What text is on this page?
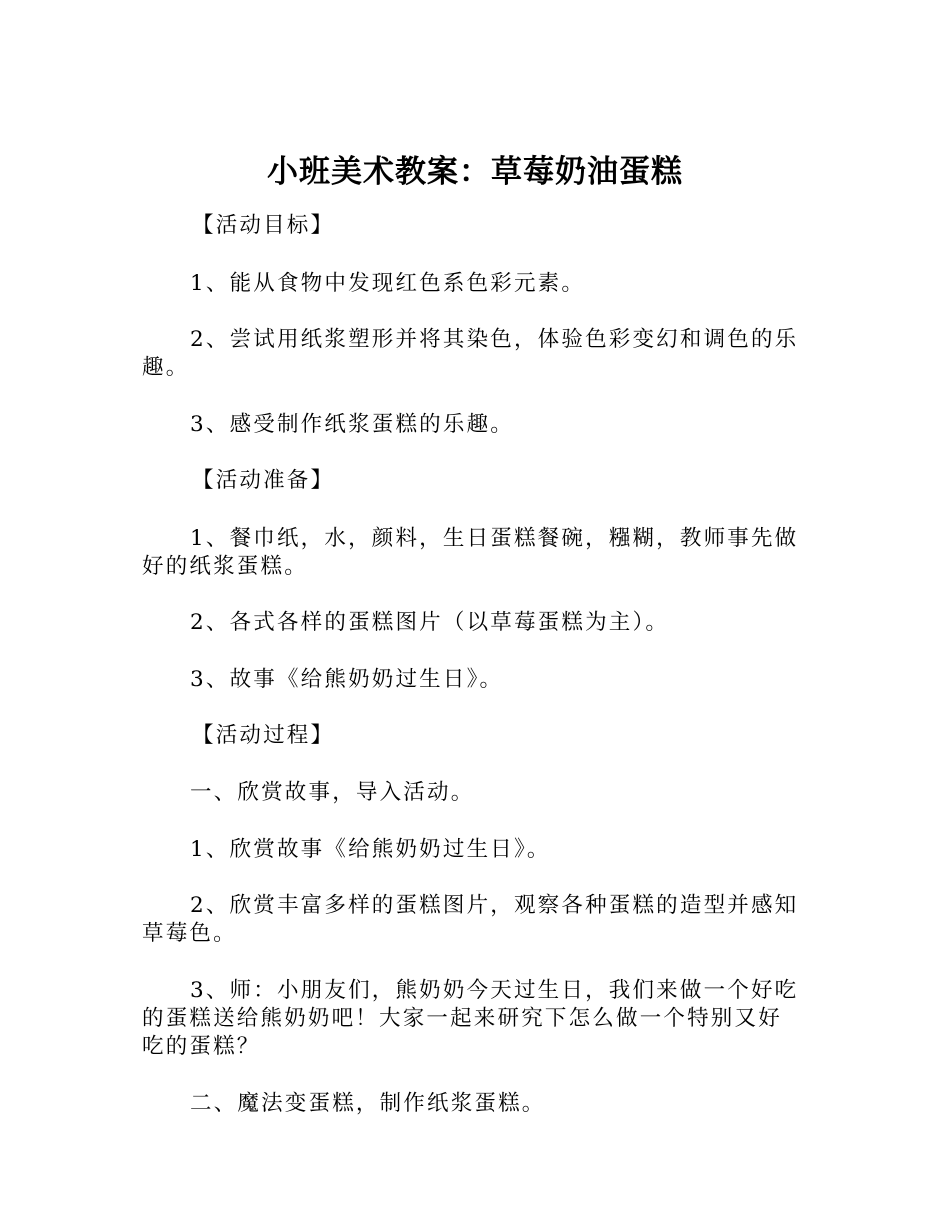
小班美术教案：草莓奶油蛋糕
【活动目标】
1、能从食物中发现红色系色彩元素。
2、尝试用纸浆塑形并将其染色，体验色彩变幻和调色的乐趣。
3、感受制作纸浆蛋糕的乐趣。
【活动准备】
1、餐巾纸，水，颜料，生日蛋糕餐碗，糨糊，教师事先做好的纸浆蛋糕。
2、各式各样的蛋糕图片（以草莓蛋糕为主）。
3、故事《给熊奶奶过生日》。
【活动过程】
一、欣赏故事，导入活动。
1、欣赏故事《给熊奶奶过生日》。
2、欣赏丰富多样的蛋糕图片，观察各种蛋糕的造型并感知草莓色。
3、师：小朋友们，熊奶奶今天过生日，我们来做一个好吃的蛋糕送给熊奶奶吧！大家一起来研究下怎么做一个特别又好吃的蛋糕？
二、魔法变蛋糕，制作纸浆蛋糕。
